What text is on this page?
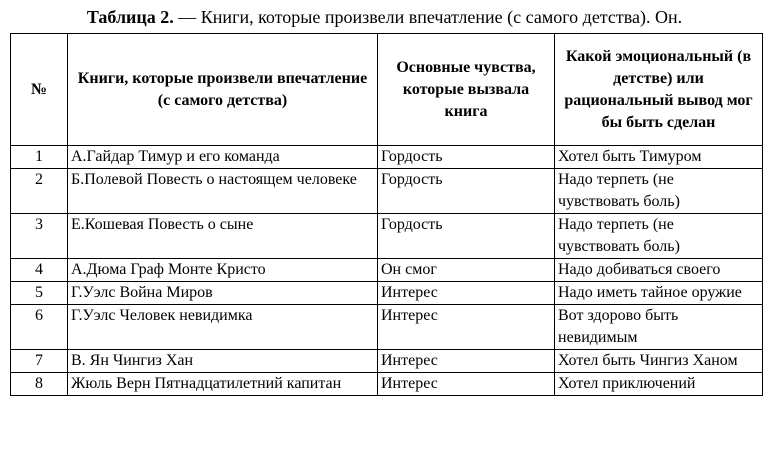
Таблица 2. — Книги, которые произвели впечатление (с самого детства). Он.
№	Книги, которые произвели впечатление (с самого детства)	Основные чувства, которые вызвала книга	Какой эмоциональный (в детстве) или рациональный вывод мог бы быть сделан
1	А.Гайдар Тимур и его команда	Гордость	Хотел быть Тимуром
2	Б.Полевой Повесть о настоящем человеке	Гордость	Надо терпеть (не чувствовать боль)
3	Е.Кошевая Повесть о сыне	Гордость	Надо терпеть (не чувствовать боль)
4	А.Дюма Граф Монте Кристо	Он смог	Надо добиваться своего
5	Г.Уэлс Война Миров	Интерес	Надо иметь тайное оружие
6	Г.Уэлс Человек невидимка	Интерес	Вот здорово быть невидимым
7	В. Ян Чингиз Хан	Интерес	Хотел быть Чингиз Ханом
8	Жюль Верн Пятнадцатилетний капитан	Интерес	Хотел приключений
